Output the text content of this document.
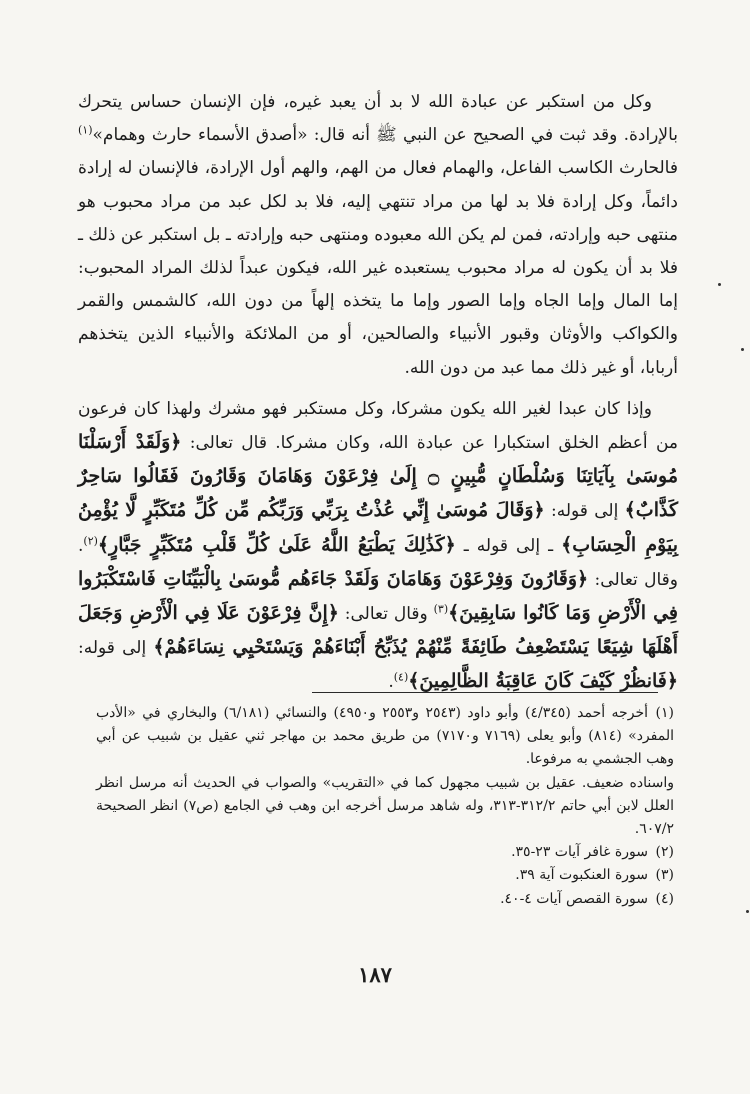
وكل من استكبر عن عبادة الله لا بد أن يعبد غيره، فإن الإنسان حساس يتحرك بالإرادة. وقد ثبت في الصحيح عن النبي ﷺ أنه قال: «أصدق الأسماء حارث وهمام»$^{(١)}$ فالحارث الكاسب الفاعل، والهمام فعال من الهم، والهم أول الإرادة، فالإنسان له إرادة دائماً، وكل إرادة فلا بد لها من مراد تنتهي إليه، فلا بد لكل عبد من مراد محبوب هو منتهى حبه وإرادته، فمن لم يكن الله معبوده ومنتهى حبه وإرادته ـ بل استكبر عن ذلك ـ فلا بد أن يكون له مراد محبوب يستعبده غير الله، فيكون عبداً لذلك المراد المحبوب: إما المال وإما الجاه وإما الصور وإما ما يتخذه إلهاً من دون الله، كالشمس والقمر والكواكب والأوثان وقبور الأنبياء والصالحين، أو من الملائكة والأنبياء الذين يتخذهم أربابا، أو غير ذلك مما عبد من دون الله.

وإذا كان عبدا لغير الله يكون مشركا، وكل مستكبر فهو مشرك ولهذا كان فرعون من أعظم الخلق استكبارا عن عبادة الله، وكان مشركا. قال تعالى: ﴿وَلَقَدْ أَرْسَلْنَا مُوسَىٰ بِآيَاتِنَا وَسُلْطَانٍ مُّبِينٍ ۝ إِلَىٰ فِرْعَوْنَ وَهَامَانَ وَقَارُونَ فَقَالُوا سَاحِرٌ كَذَّابٌ﴾ إلى قوله: ﴿وَقَالَ مُوسَىٰ إِنِّي عُذْتُ بِرَبِّي وَرَبِّكُم مِّن كُلِّ مُتَكَبِّرٍ لَّا يُؤْمِنُ بِيَوْمِ الْحِسَابِ﴾ ـ إلى قوله ـ ﴿كَذَٰلِكَ يَطْبَعُ اللَّهُ عَلَىٰ كُلِّ قَلْبِ مُتَكَبِّرٍ جَبَّارٍ﴾$^{(٢)}$. وقال تعالى: ﴿وَقَارُونَ وَفِرْعَوْنَ وَهَامَانَ وَلَقَدْ جَاءَهُم مُّوسَىٰ بِالْبَيِّنَاتِ فَاسْتَكْبَرُوا فِي الْأَرْضِ وَمَا كَانُوا سَابِقِينَ﴾$^{(٣)}$ وقال تعالى: ﴿إِنَّ فِرْعَوْنَ عَلَا فِي الْأَرْضِ وَجَعَلَ أَهْلَهَا شِيَعًا يَسْتَضْعِفُ طَائِفَةً مِّنْهُمْ يُذَبِّحُ أَبْنَاءَهُمْ وَيَسْتَحْيِي نِسَاءَهُمْ﴾ إلى قوله: ﴿فَانظُرْ كَيْفَ كَانَ عَاقِبَةُ الظَّالِمِينَ﴾$^{(٤)}$.

(١)أخرجه أحمد (٤/٣٤٥) وأبو داود (٢٥٤٣ و٢٥٥٣ و٤٩٥٠) والنسائي (٦/١٨١) والبخاري في «الأدب المفرد» (٨١٤) وأبو يعلى (٧١٦٩ و٧١٧٠) من طريق محمد بن مهاجر ثني عقيل بن شبيب عن أبي وهب الجشمي به مرفوعا.

واسناده ضعيف. عقيل بن شبيب مجهول كما في «التقريب» والصواب في الحديث أنه مرسل انظر العلل لابن أبي حاتم ٣١٢/٢-٣١٣، وله شاهد مرسل أخرجه ابن وهب في الجامع (ص٧) انظر الصحيحة ٦٠٧/٢.

(٢)سورة غافر آيات ٢٣-٣٥.

(٣)سورة العنكبوت آية ٣٩.

(٤)سورة القصص آيات ٤-٤٠.

١٨٧
